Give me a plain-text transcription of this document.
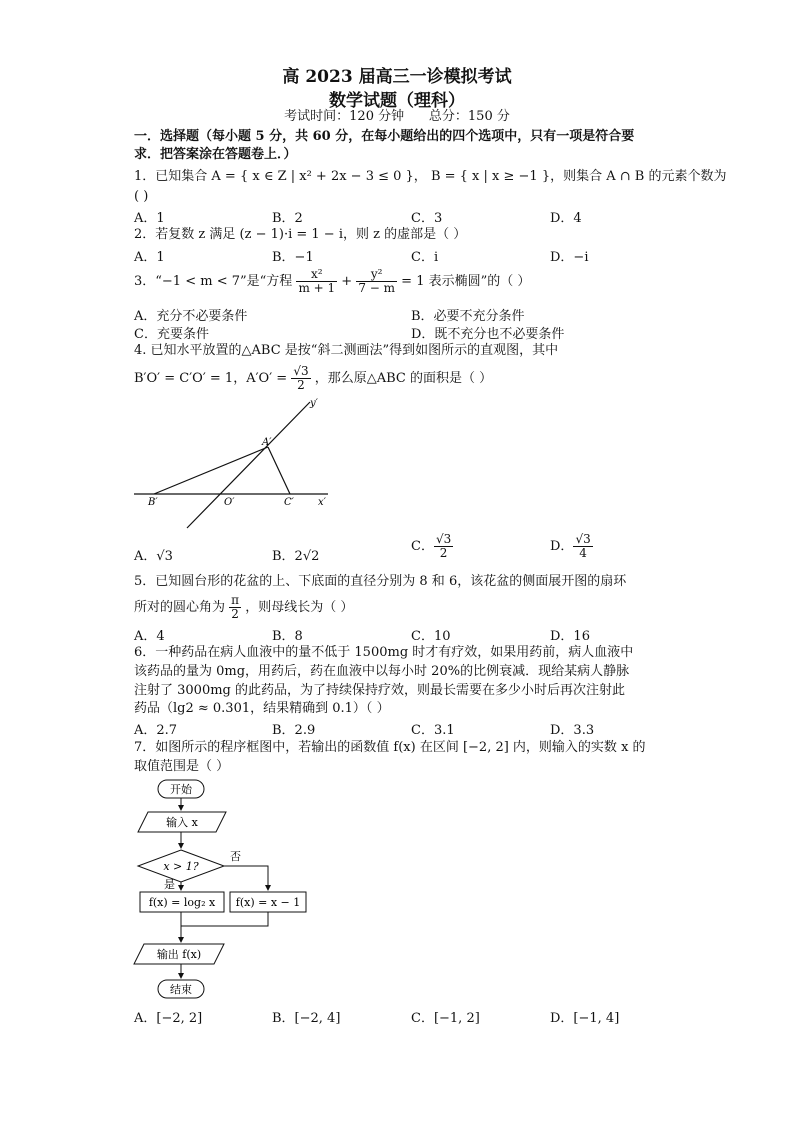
高 2023 届高三一诊模拟考试
数学试题（理科）
考试时间：120 分钟      总分：150 分
一．选择题（每小题 5 分，共 60 分，在每小题给出的四个选项中，只有一项是符合要
求．把答案涂在答题卷上．）
1．已知集合 A = { x ∈ Z | x² + 2x − 3 ≤ 0 }， B = { x | x ≥ −1 }，则集合 A ∩ B 的元素个数为
( )
A．1	B．2	C．3	D．4
2．若复数 z 满足 (z − 1)·i = 1 − i，则 z 的虚部是（ ）
A．1	B．−1	C．i	D．−i
3．“−1 < m < 7”是“方程 $\frac{\text{x²}}{m + 1} + \frac{\text{y²}}{7 - m} = 1$ 表示椭圆”的（ ）
A．充分不必要条件	B．必要不充分条件
C．充要条件	D．既不充分也不必要条件
4. 已知水平放置的△ABC 是按“斜二测画法”得到如图所示的直观图，其中
B′O′ = C′O′ = 1，$A'O' = \frac{√3}{2}$ ，那么原△ABC 的面积是（ ）
y′
A′
B′	O′	C′ x′
A．√3	B．2√2
C． $\frac{√3}{2}$	D． $\frac{√3}{4}$
5．已知圆台形的花盆的上、下底面的直径分别为 8 和 6，该花盆的侧面展开图的扇环
所对的圆心角为 $\frac{\pi}{2}$ ，则母线长为（ ）
A．4	B．8	C．10	D．16
6．一种药品在病人血液中的量不低于 1500mg 时才有疗效，如果用药前，病人血液中
该药品的量为 0mg，用药后，药在血液中以每小时 20%的比例衰减．现给某病人静脉
注射了 3000mg 的此药品，为了持续保持疗效，则最长需要在多少小时后再次注射此
药品（lg2 ≈ 0.301，结果精确到 0.1）（ ）
A．2.7	B．2.9	C．3.1	D．3.3
7．如图所示的程序框图中，若输出的函数值 f(x) 在区间 [−2, 2] 内，则输入的实数 x 的
取值范围是（ ）
开始
输入 x
x > 1?
否
是
f(x) = log₂ x f(x) = x − 1
输出 f(x)
结束
A．[−2, 2]	B．[−2, 4]	C．[−1, 2]	D．[−1, 4]
